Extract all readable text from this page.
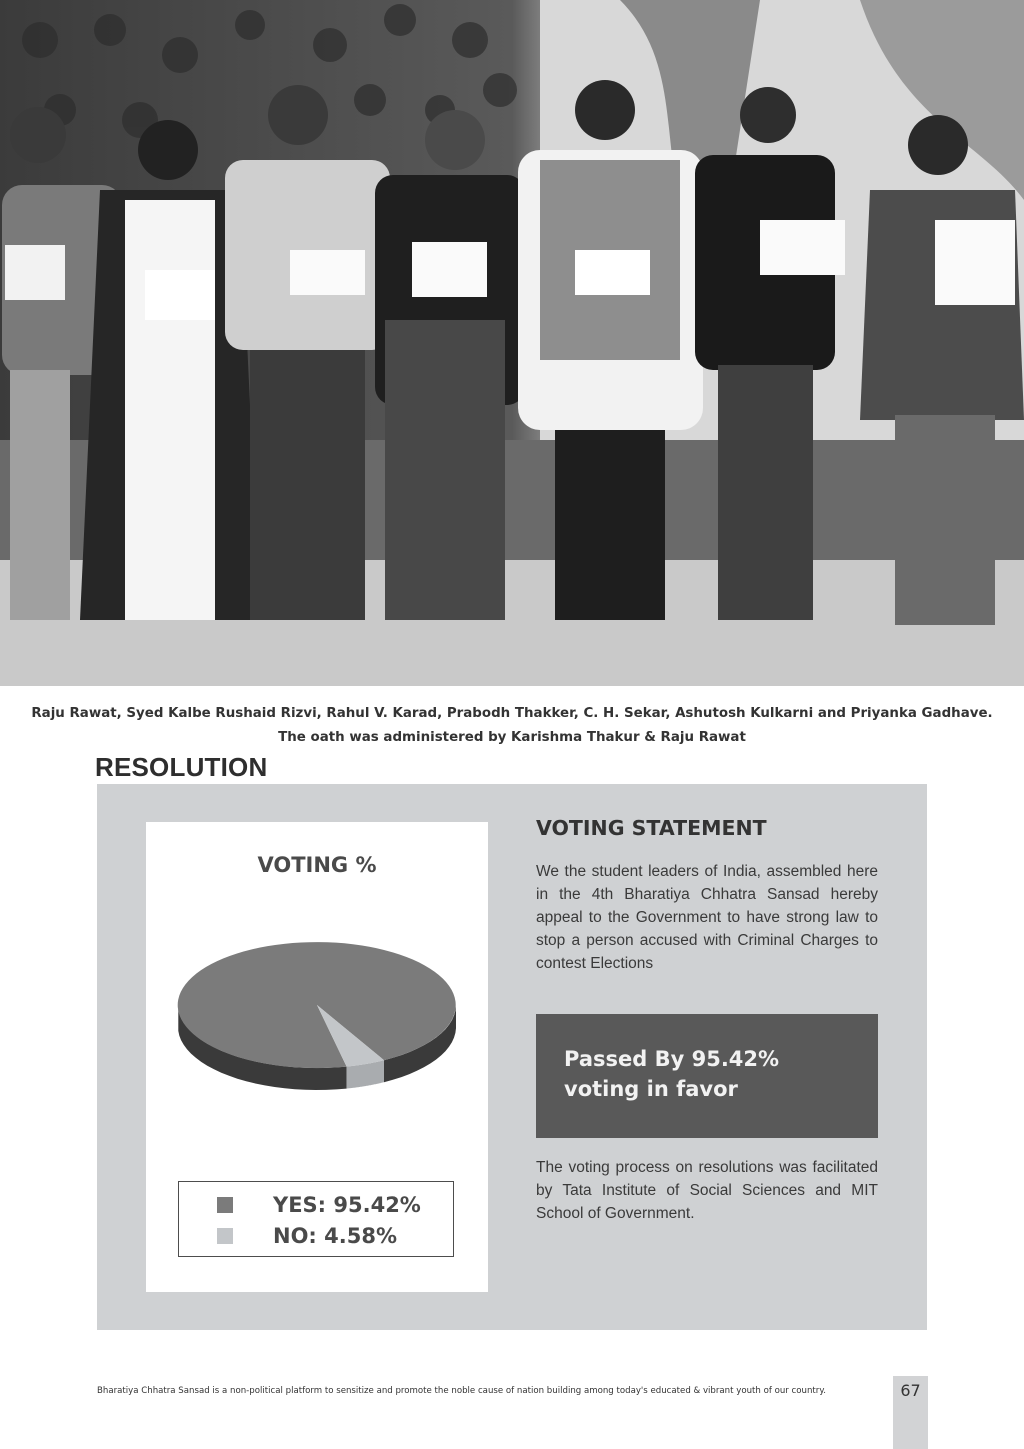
Raju Rawat, Syed Kalbe Rushaid Rizvi, Rahul V. Karad, Prabodh Thakker, C. H. Sekar, Ashutosh Kulkarni and Priyanka Gadhave.
The oath was administered by Karishma Thakur & Raju Rawat
RESOLUTION
VOTING %
YES: 95.42%
NO: 4.58%
VOTING STATEMENT
We the student leaders of India, assembled here in the 4th Bharatiya Chhatra Sansad hereby appeal to the Government to have strong law to stop a person accused with Criminal Charges to contest Elections
Passed By 95.42%
voting in favor
The voting process on resolutions was facilitated by Tata Institute of Social Sciences and MIT School of Government.
Bharatiya Chhatra Sansad is a non-political platform to sensitize and promote the noble cause of nation building among today's educated & vibrant youth of our country.	67
